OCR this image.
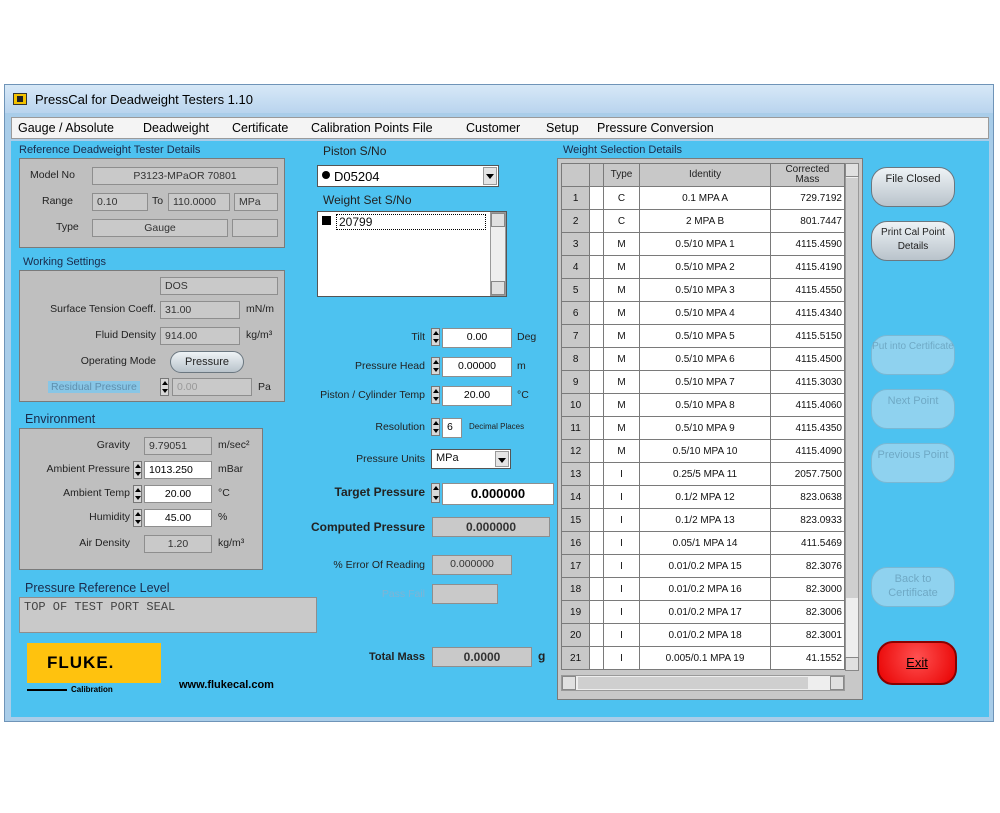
PressCal for Deadweight Testers 1.10
Gauge / Absolute Deadweight Certificate Calibration Points File	Customer Setup Pressure Conversion
Reference Deadweight Tester Details
Model No	P3123-MPaOR 70801
Range	0.10	To 110.0000	MPa
Type	Gauge
Working Settings
DOS
Surface Tension Coeff. 31.00	mN/m
Fluid Density 914.00	kg/m³
Operating Mode	Pressure
Residual Pressure	0.00	Pa
Environment
Gravity	9.79051	m/sec²
Ambient Pressure	1013.250	mBar
Ambient Temp	20.00	°C
Humidity	45.00	%
Air Density	1.20	kg/m³
Pressure Reference Level
TOP OF TEST PORT SEAL
FLUKE.
Calibration	www.flukecal.com
Piston S/No
D05204
Weight Set S/No
20799
Tilt	0.00	Deg
Pressure Head	0.00000	m
Piston / Cylinder Temp	20.00	°C
Resolution	6	Decimal Places
Pressure Units MPa
Target Pressure	0.000000
Computed Pressure	0.000000
% Error Of Reading	0.000000
Pass Fail
Total Mass	0.0000	g
Weight Selection Details
		Type	Identity	Corrected Mass
1		C	0.1 MPA A	729.7192
2		C	2 MPA B	801.7447
3		M	0.5/10 MPA 1	4115.4590
4		M	0.5/10 MPA 2	4115.4190
5		M	0.5/10 MPA 3	4115.4550
6		M	0.5/10 MPA 4	4115.4340
7		M	0.5/10 MPA 5	4115.5150
8		M	0.5/10 MPA 6	4115.4500
9		M	0.5/10 MPA 7	4115.3030
10		M	0.5/10 MPA 8	4115.4060
11		M	0.5/10 MPA 9	4115.4350
12		M	0.5/10 MPA 10	4115.4090
13		I	0.25/5 MPA 11	2057.7500
14		I	0.1/2 MPA 12	823.0638
15		I	0.1/2 MPA 13	823.0933
16		I	0.05/1 MPA 14	411.5469
17		I	0.01/0.2 MPA 15	82.3076
18		I	0.01/0.2 MPA 16	82.3000
19		I	0.01/0.2 MPA 17	82.3006
20		I	0.01/0.2 MPA 18	82.3001
21		I	0.005/0.1 MPA 19	41.1552
File Closed
Print Cal Point Details
Put into Certificate
Next Point
Previous Point
Back to Certificate
Exit
